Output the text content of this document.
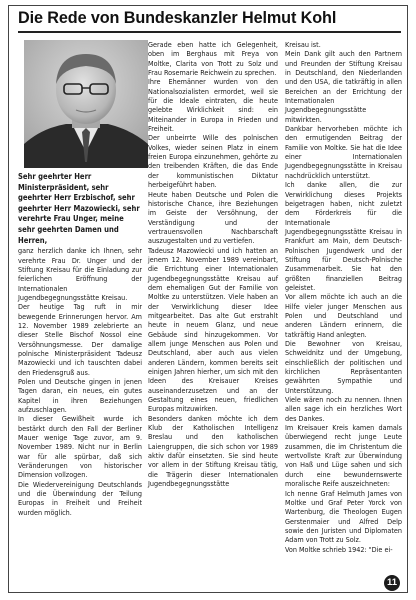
Die Rede von Bundeskanzler Helmut Kohl

Sehr geehrter Herr Ministerpräsident, sehr geehrter Herr Erzbischof, sehr geehrter Herr Mazowiecki, sehr verehrte Frau Unger, meine sehr geehrten Damen und Herren,

ganz herzlich danke ich Ihnen, sehr verehrte Frau Dr. Unger und der Stiftung Kreisau für die Einladung zur feierlichen Eröffnung der Internationalen Jugendbegegnungsstätte Kreisau.

Der heutige Tag ruft in mir bewegende Erinnerungen hervor. Am 12. November 1989 zelebrierte an dieser Stelle Bischof Nossol eine Versöhnungsmesse. Der damalige polnische Ministerpräsident Tadeusz Mazowiecki und ich tauschten dabei den Friedensgruß aus.

Polen und Deutsche gingen in jenen Tagen daran, ein neues, ein gutes Kapitel in ihren Beziehungen aufzuschlagen.

In dieser Gewißheit wurde ich bestärkt durch den Fall der Berliner Mauer wenige Tage zuvor, am 9. November 1989. Nicht nur in Berlin war für alle spürbar, daß sich Veränderungen von historischer Dimension vollzogen.

Die Wiedervereinigung Deutschlands und die Überwindung der Teilung Europas in Freiheit und Freiheit wurden möglich.

Gerade eben hatte ich Gelegenheit, oben im Berghaus mit Freya von Moltke, Clarita von Trott zu Solz und Frau Rosemarie Reichwein zu sprechen.

Ihre Ehemänner wurden von den Nationalsozialisten ermordet, weil sie für die Ideale eintraten, die heute gelebte Wirklichkeit sind: ein Miteinander in Europa in Frieden und Freiheit.

Der unbeirrte Wille des polnischen Volkes, wieder seinen Platz in einem freien Europa einzunehmen, gehörte zu den treibenden Kräften, die das Ende der kommunistischen Diktatur herbeigeführt haben.

Heute haben Deutsche und Polen die historische Chance, ihre Beziehungen im Geiste der Versöhnung, der Verständigung und der vertrauensvollen Nachbarschaft auszugestalten und zu vertiefen.

Tadeusz Mazowiecki und ich hatten an jenem 12. November 1989 vereinbart, die Errichtung einer Internationalen Jugendbegegnungsstätte Kreisau auf dem ehemaligen Gut der Familie von Moltke zu unterstützen. Viele haben an der Verwirklichung dieser Idee mitgearbeitet. Das alte Gut erstrahlt heute in neuem Glanz, und neue Gebäude sind hinzugekommen. Vor allem junge Menschen aus Polen und Deutschland, aber auch aus vielen anderen Ländern, kommen bereits seit einigen Jahren hierher, um sich mit den Ideen des Kreisauer Kreises auseinanderzusetzen und an der Gestaltung eines neuen, friedlichen Europas mitzuwirken.

Besonders danken möchte ich dem Klub der Katholischen Intelligenz Breslau und den katholischen Laiengruppen, die sich schon vor 1989 aktiv dafür einsetzten. Sie sind heute vor allem in der Stiftung Kreisau tätig, die Trägerin dieser Internationalen Jugendbegegnungsstätte

Kreisau ist.

Mein Dank gilt auch den Partnern und Freunden der Stiftung Kreisau in Deutschland, den Niederlanden und den USA, die tatkräftig in allen Bereichen an der Errichtung der Internationalen Jugendbegegnungsstätte mitwirkten.

Dankbar hervorheben möchte ich den ermutigenden Beitrag der Familie von Moltke. Sie hat die Idee einer Internationalen Jugendbegegnungsstätte in Kreisau nachdrücklich unterstützt.

Ich danke allen, die zur Verwirklichung dieses Projekts beigetragen haben, nicht zuletzt dem Förderkreis für die Internationale Jugendbegegnungsstätte Kreisau in Frankfurt am Main, dem Deutsch-Polnischen Jugendwerk und der Stiftung für Deutsch-Polnische Zusammenarbeit. Sie hat den größten finanziellen Beitrag geleistet.

Vor allem möchte ich auch an die Hilfe vieler junger Menschen aus Polen und Deutschland und anderen Ländern erinnern, die tatkräftig Hand anlegten.

Die Bewohner von Kreisau, Schweidnitz und der Umgebung, einschließlich der politischen und kirchlichen Repräsentanten gewährten Sympathie und Unterstützung.

Viele wären noch zu nennen. Ihnen allen sage ich ein herzliches Wort des Dankes.

Im Kreisauer Kreis kamen damals überwiegend recht junge Leute zusammen, die im Christentum die wertvollste Kraft zur Überwindung von Haß und Lüge sahen und sich durch eine bewundernswerte moralische Reife auszeichneten:

Ich nenne Graf Helmuth James von Moltke und Graf Peter Yorck von Wartenburg, die Theologen Eugen Gerstenmaier und Alfred Delp sowie den Juristen und Diplomaten Adam von Trott zu Solz.

Von Moltke schrieb 1942: "Die ei-

11
